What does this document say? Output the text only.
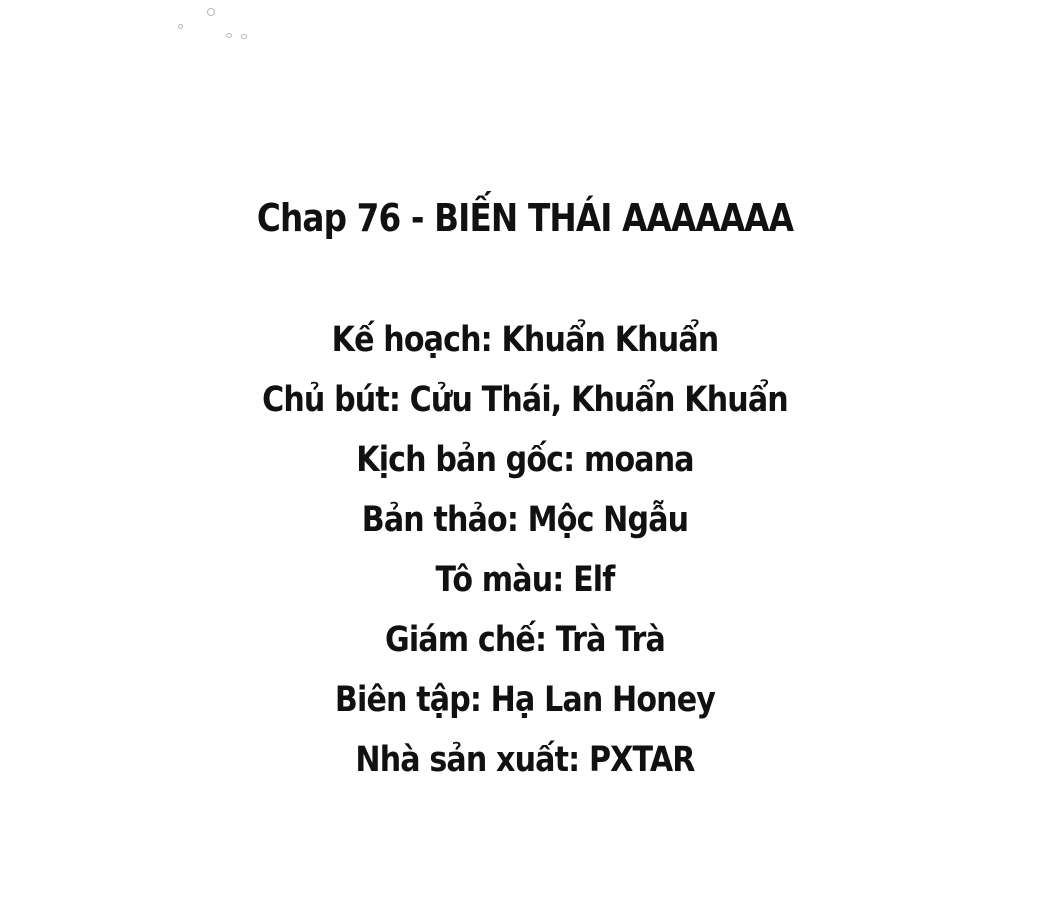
Chap 76 - BIẾN THÁI AAAAAAA
Kế hoạch: Khuẩn Khuẩn
Chủ bút: Cửu Thái, Khuẩn Khuẩn
Kịch bản gốc: moana
Bản thảo: Mộc Ngẫu
Tô màu: Elf
Giám chế: Trà Trà
Biên tập: Hạ Lan Honey
Nhà sản xuất: PXTAR
